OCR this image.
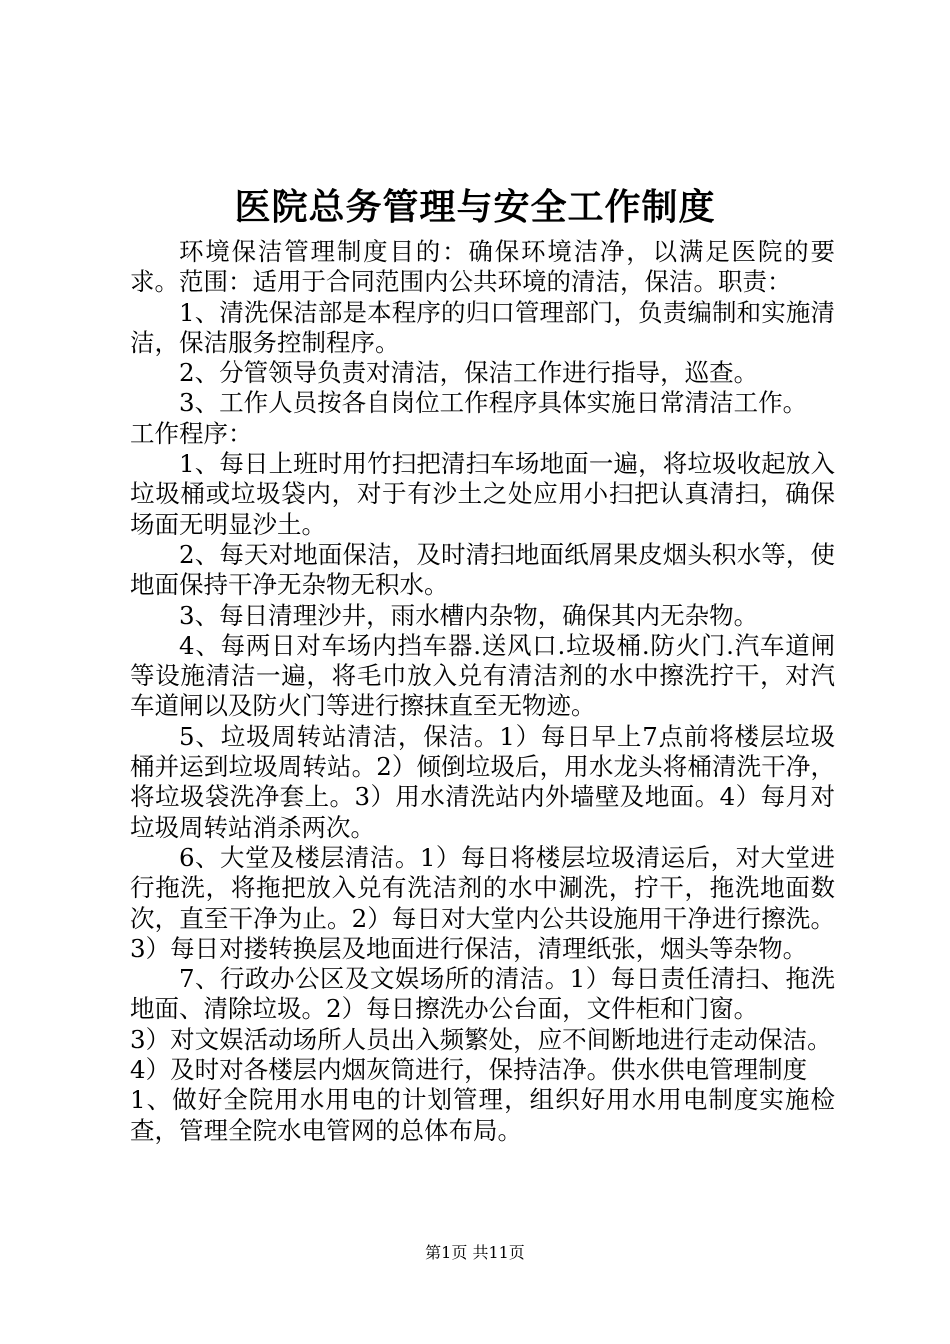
医院总务管理与安全工作制度

环境保洁管理制度目的：确保环境洁净，以满足医院的要求。范围：适用于合同范围内公共环境的清洁，保洁。职责：

1、清洗保洁部是本程序的归口管理部门，负责编制和实施清洁，保洁服务控制程序。

2、分管领导负责对清洁，保洁工作进行指导，巡查。

3、工作人员按各自岗位工作程序具体实施日常清洁工作。

工作程序：

1、每日上班时用竹扫把清扫车场地面一遍，将垃圾收起放入垃圾桶或垃圾袋内，对于有沙土之处应用小扫把认真清扫，确保场面无明显沙土。

2、每天对地面保洁，及时清扫地面纸屑果皮烟头积水等，使地面保持干净无杂物无积水。

3、每日清理沙井，雨水槽内杂物，确保其内无杂物。

4、每两日对车场内挡车器.送风口.垃圾桶.防火门.汽车道闸等设施清洁一遍，将毛巾放入兑有清洁剂的水中擦洗拧干，对汽车道闸以及防火门等进行擦抹直至无物迹。

5、垃圾周转站清洁，保洁。1）每日早上7点前将楼层垃圾桶并运到垃圾周转站。2）倾倒垃圾后，用水龙头将桶清洗干净，将垃圾袋洗净套上。3）用水清洗站内外墙壁及地面。4）每月对垃圾周转站消杀两次。

6、大堂及楼层清洁。1）每日将楼层垃圾清运后，对大堂进行拖洗，将拖把放入兑有洗洁剂的水中涮洗，拧干，拖洗地面数次，直至干净为止。2）每日对大堂内公共设施用干净进行擦洗。3）每日对搂转换层及地面进行保洁，清理纸张，烟头等杂物。

7、行政办公区及文娱场所的清洁。1）每日责任清扫、拖洗地面、清除垃圾。2）每日擦洗办公台面，文件柜和门窗。

3）对文娱活动场所人员出入频繁处，应不间断地进行走动保洁。

4）及时对各楼层内烟灰筒进行，保持洁净。供水供电管理制度

1、做好全院用水用电的计划管理，组织好用水用电制度实施检查，管理全院水电管网的总体布局。

第1页 共11页
